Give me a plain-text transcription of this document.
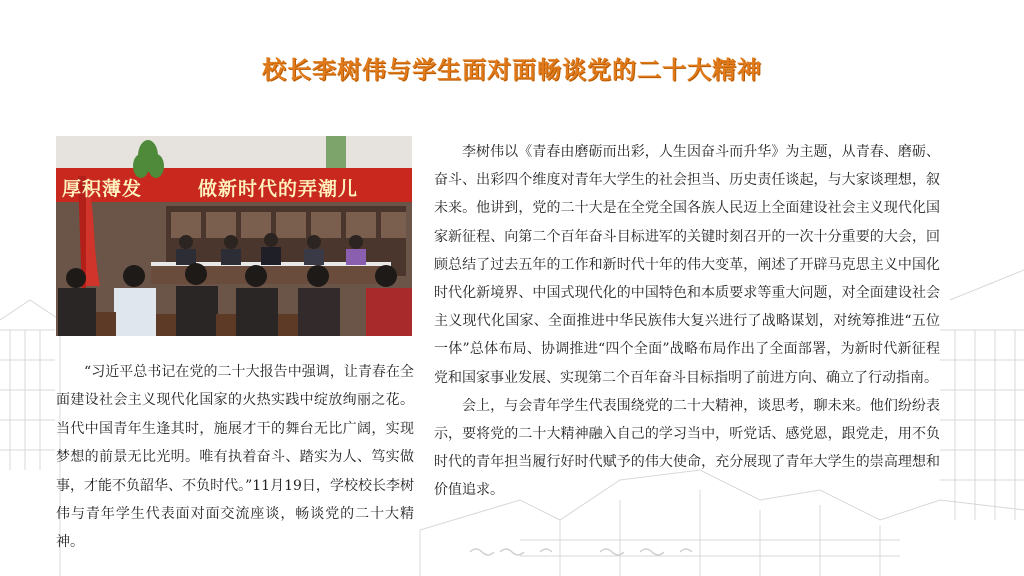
校长李树伟与学生面对面畅谈党的二十大精神
厚积薄发	做新时代的弄潮儿

“习近平总书记在党的二十大报告中强调，让青春在全面建设社会主义现代化国家的火热实践中绽放绚丽之花。当代中国青年生逢其时，施展才干的舞台无比广阔，实现梦想的前景无比光明。唯有执着奋斗、踏实为人、笃实做事，才能不负韶华、不负时代。”11月19日，学校校长李树伟与青年学生代表面对面交流座谈，畅谈党的二十大精神。

李树伟以《青春由磨砺而出彩，人生因奋斗而升华》为主题，从青春、磨砺、奋斗、出彩四个维度对青年大学生的社会担当、历史责任谈起，与大家谈理想，叙未来。他讲到，党的二十大是在全党全国各族人民迈上全面建设社会主义现代化国家新征程、向第二个百年奋斗目标进军的关键时刻召开的一次十分重要的大会，回顾总结了过去五年的工作和新时代十年的伟大变革，阐述了开辟马克思主义中国化时代化新境界、中国式现代化的中国特色和本质要求等重大问题，对全面建设社会主义现代化国家、全面推进中华民族伟大复兴进行了战略谋划，对统筹推进“五位一体”总体布局、协调推进“四个全面”战略布局作出了全面部署，为新时代新征程党和国家事业发展、实现第二个百年奋斗目标指明了前进方向、确立了行动指南。

会上，与会青年学生代表围绕党的二十大精神，谈思考，聊未来。他们纷纷表示，要将党的二十大精神融入自己的学习当中，听党话、感党恩，跟党走，用不负时代的青年担当履行好时代赋予的伟大使命，充分展现了青年大学生的崇高理想和价值追求。
